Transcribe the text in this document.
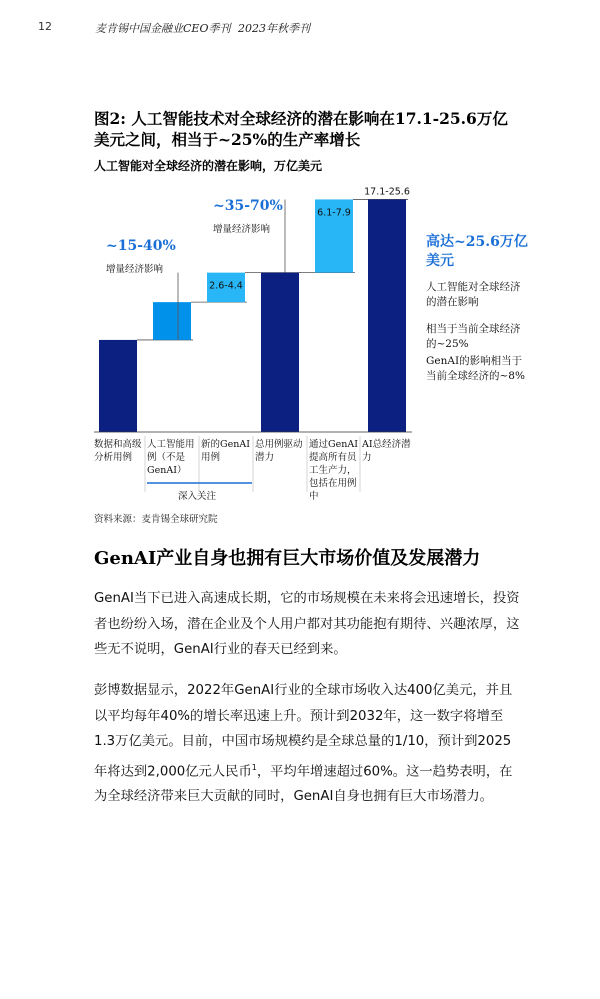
12	麦肯锡中国金融业CEO季刊 2023年秋季刊
图2: 人工智能技术对全球经济的潜在影响在17.1-25.6万亿美元之间，相当于~25%的生产率增长
人工智能对全球经济的潜在影响，万亿美元
2.6-4.4
6.1-7.9
17.1-25.6
~15-40%
增量经济影响
~35-70%
增量经济影响
高达~25.6万亿美元
人工智能对全球经济的潜在影响
相当于当前全球经济的~25%
GenAI的影响相当于当前全球经济的~8%
数据和高级分析用例
人工智能用例（不是GenAI）
新的GenAI用例
总用例驱动潜力
通过GenAI提高所有员工生产力，包括在用例中
AI总经济潜力
深入关注
资料来源：麦肯锡全球研究院
GenAI产业自身也拥有巨大市场价值及发展潜力
GenAI当下已进入高速成长期，它的市场规模在未来将会迅速增长，投资者也纷纷入场，潜在企业及个人用户都对其功能抱有期待、兴趣浓厚，这些无不说明，GenAI行业的春天已经到来。
彭博数据显示，2022年GenAI行业的全球市场收入达400亿美元，并且以平均每年40%的增长率迅速上升。预计到2032年，这一数字将增至1.3万亿美元。目前，中国市场规模约是全球总量的1/10，预计到2025年将达到2,000亿元人民币$^1$，平均年增速超过60%。这一趋势表明，在为全球经济带来巨大贡献的同时，GenAI自身也拥有巨大市场潜力。
